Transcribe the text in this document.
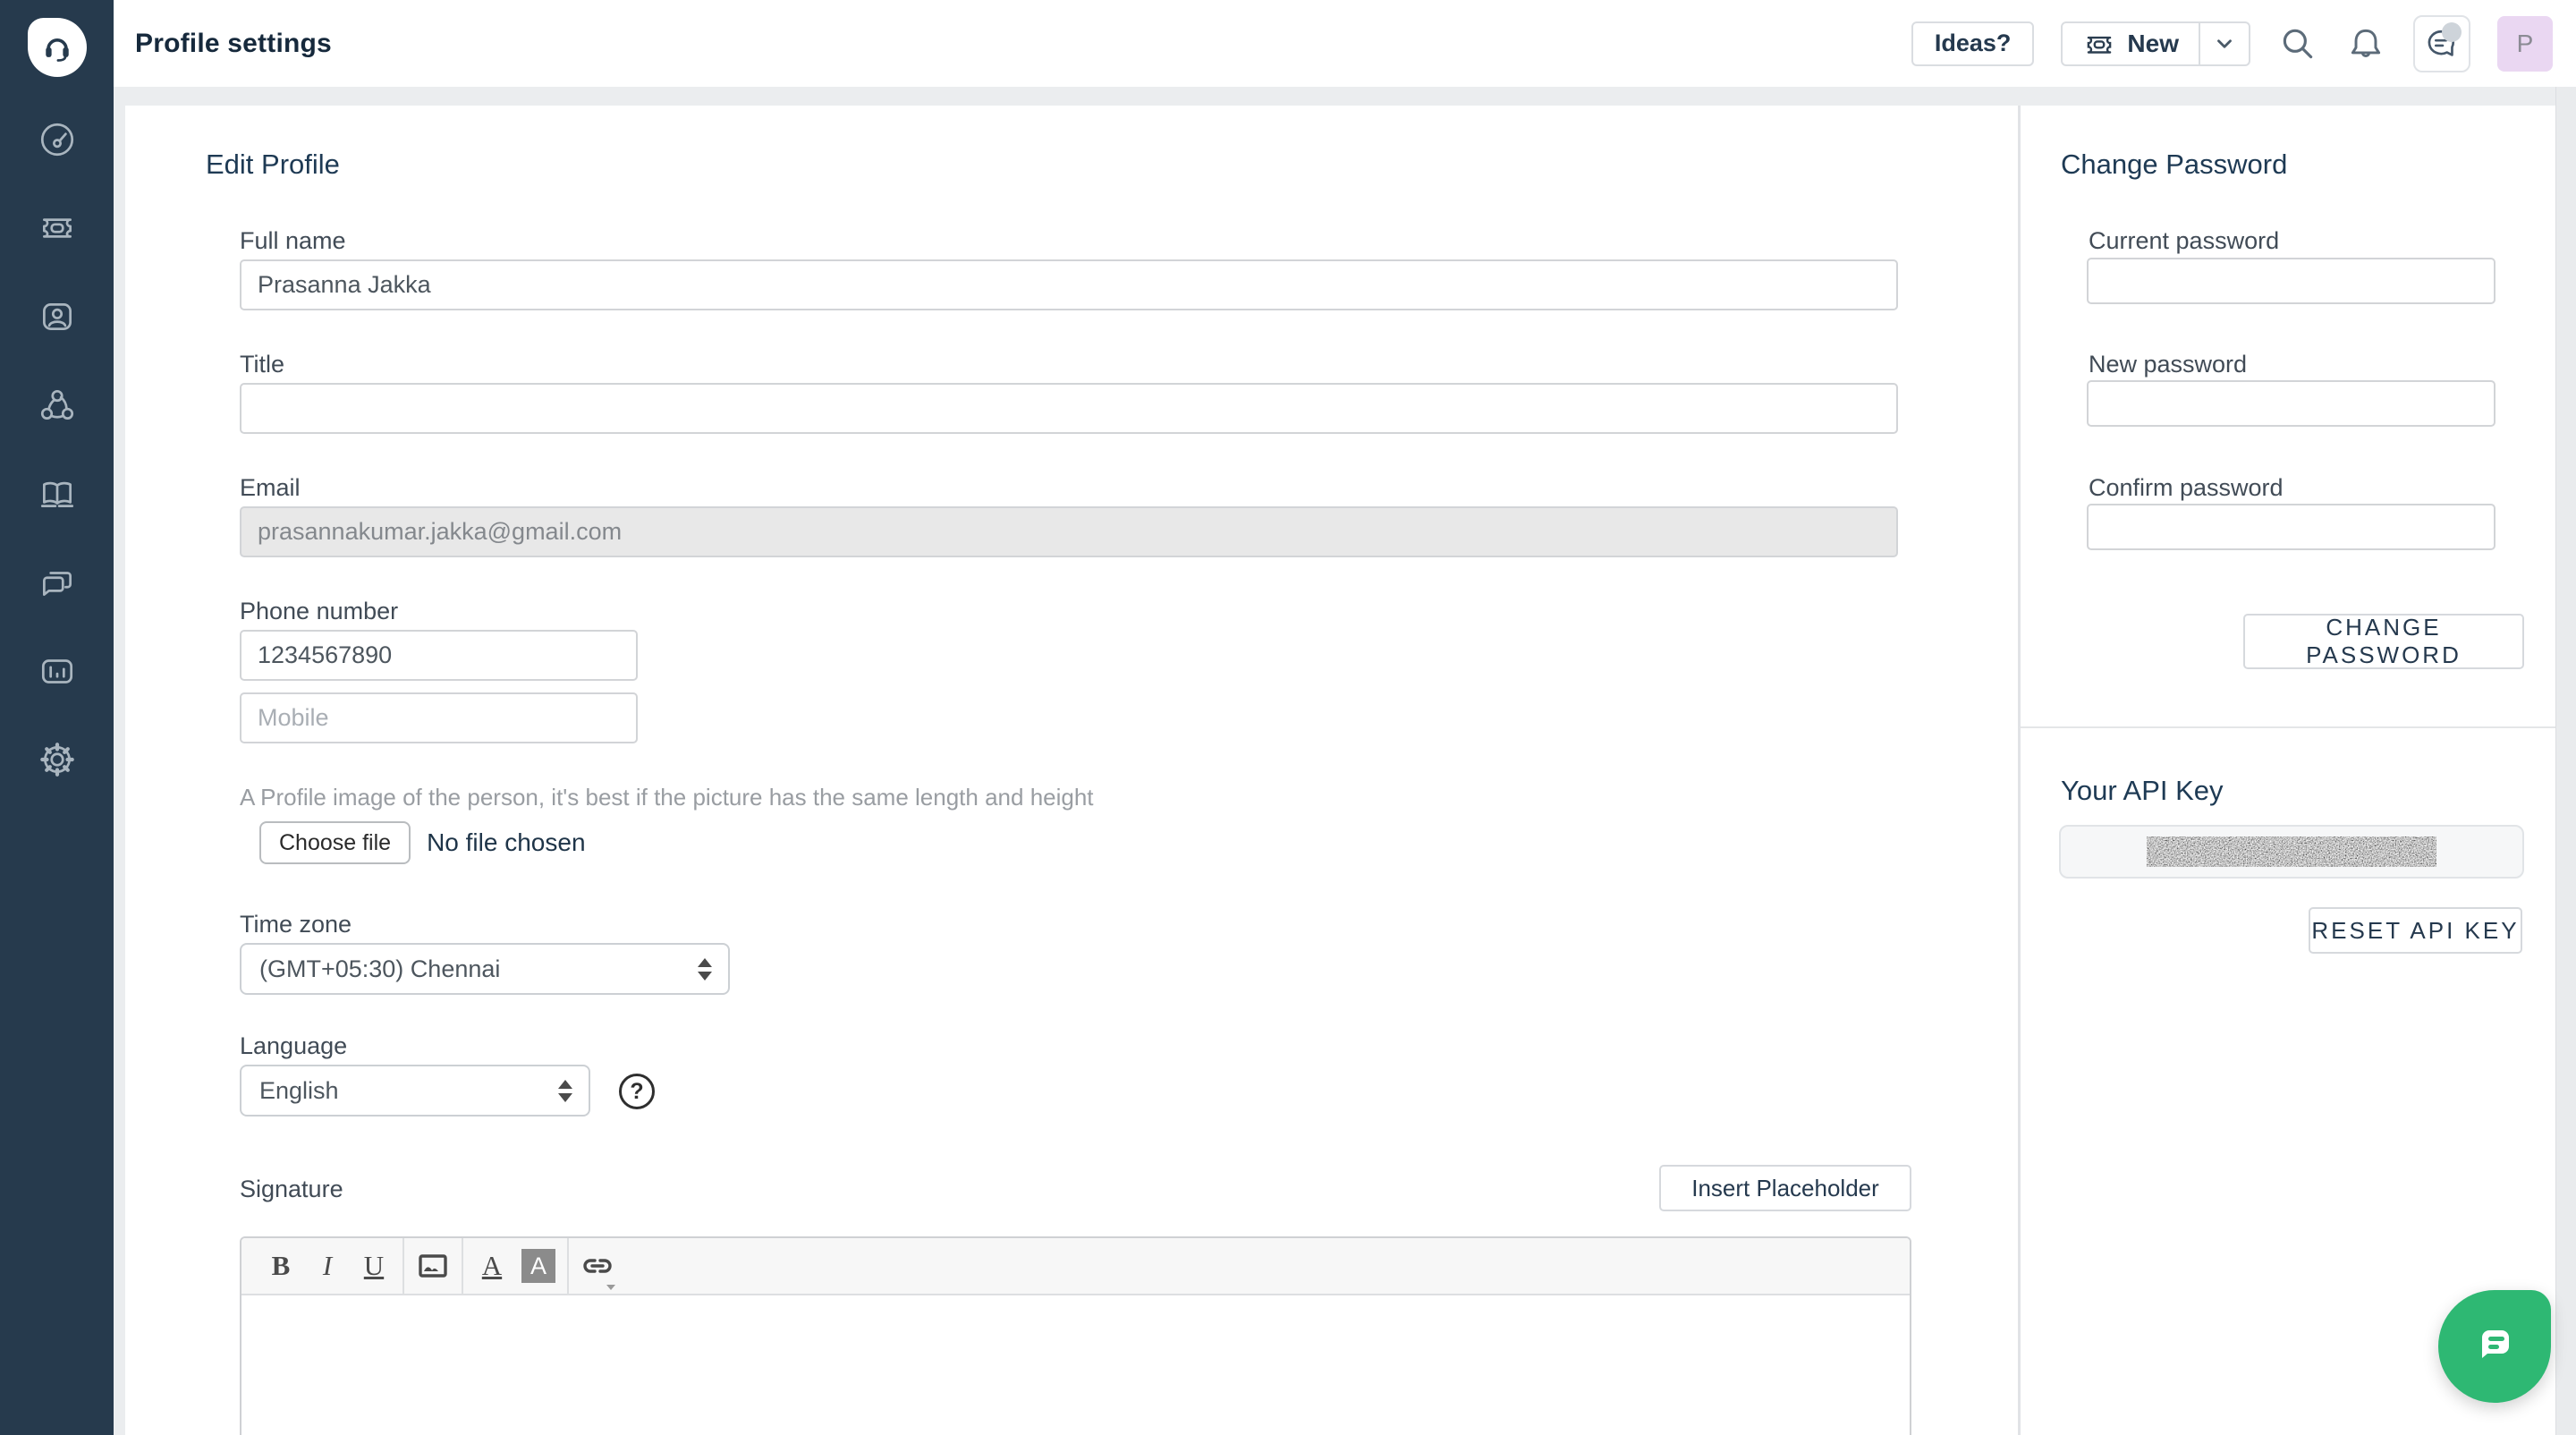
Profile settings	Ideas?	New	P
Edit Profile
Full name
Prasanna Jakka
Title
Email
prasannakumar.jakka@gmail.com
Phone number
1234567890
Mobile
A Profile image of the person, it's best if the picture has the same length and height
Choose file	No file chosen
Time zone
(GMT+05:30) Chennai
Language
English	?
Signature	Insert Placeholder
B	I	U	A	A
Change Password
Current password
New password
Confirm password
CHANGE PASSWORD
Your API Key
RESET API KEY
